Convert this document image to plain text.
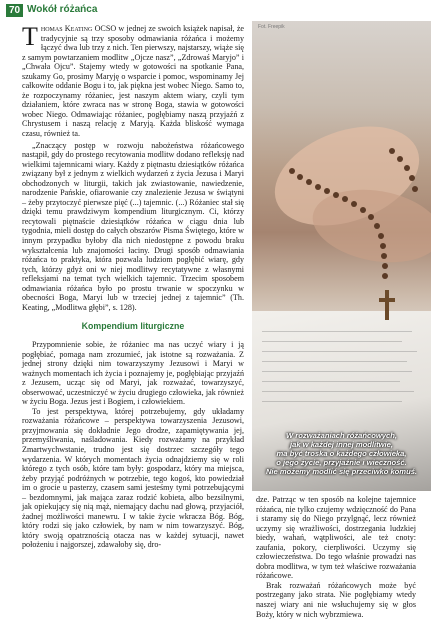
70 Wokół różańca

Thomas Keating OCSO w jednej ze swoich książek napisał, że tradycyjnie są trzy sposoby odmawiania różańca i możemy łączyć dwa lub trzy z nich. Ten pierwszy, najstarszy, wiąże się z samym powtarzaniem modlitw „Ojcze nasz”, „Zdrowaś Maryjo” i „Chwała Ojcu”. Stajemy wtedy w gotowości na spotkanie Pana, szukamy Go, prosimy Maryję o wsparcie i pomoc, wspominamy Jej całkowite oddanie Bogu i to, jak piękna jest wobec Niego. Samo to, że rozpoczynamy różaniec, jest naszym aktem wiary, czyli tym działaniem, które zwraca nas w stronę Boga, stawia w gotowości wobec Niego. Odmawiając różaniec, pogłębiamy naszą przyjaźń z Chrystusem i naszą relację z Maryją. Każda bliskość wymaga czasu, również ta.

„Znaczący postęp w rozwoju nabożeństwa różańcowego nastąpił, gdy do prostego recytowania modlitw dodano refleksję nad wielkimi tajemnicami wiary. Każdy z piętnastu dziesiątków różańca związany był z jednym z wielkich wydarzeń z życia Jezusa i Maryi obchodzonych w liturgii, takich jak zwiastowanie, nawiedzenie, narodzenie Pańskie, ofiarowanie czy znalezienie Jezusa w świątyni – żeby przytoczyć pierwsze pięć (...) tajemnic. (...) Różaniec stał się dzięki temu prawdziwym kompendium liturgicznym. Ci, którzy recytowali piętnaście dziesiątków różańca w ciągu dnia lub tygodnia, mieli dostęp do całych obszarów Pisma Świętego, które w innym przypadku byłoby dla nich niedostępne z powodu braku wykształcenia lub znajomości łaciny. Drugi sposób odmawiania różańca to praktyka, która pozwala ludziom pogłębić wiarę, gdy tych, którzy gdyż oni w niej modlitwy recytatywne z własnymi refleksjami na temat tych wielkich tajemnic. Trzecim sposobem odmawiania różańca było po prostu trwanie w spoczynku w obecności Boga, Maryi lub w trzeciej jednej z tajemnic” (Th. Keating, „Modlitwa głębi”, s. 128).

Kompendium liturgiczne

Przypomnienie sobie, że różaniec ma nas uczyć wiary i ją pogłębiać, pomaga nam zrozumieć, jak istotne są rozważania. Z jednej strony dzięki nim towarzyszymy Jezusowi i Maryi w ważnych momentach ich życia i poznajemy je, pogłębiając przyjaźń z Jezusem, ucząc się od Maryi, jak rozważać, towarzyszyć, obserwować, uczestniczyć w życiu drugiego człowieka, jak również w życiu Boga. Jezus jest i Bogiem, i człowiekiem.

To jest perspektywa, której potrzebujemy, gdy układamy rozważania różańcowe – perspektywa towarzyszenia Jezusowi, przyjmowania się dokładnie Jego drodze, zapamiętywania jej, przemyśliwania, naśladowania. Kiedy rozważamy na przykład Zmartwychwstanie, trudno jest się dostrzec szczegóły tego wydarzenia. W których momentach życia odnajdziemy się w roli którego z tych osób, które tam były: gospodarz, który ma miejsca, żeby przyjąć podróżnych w potrzebie, tego kogoś, kto powiedział im o grocie u pasterzy, czasem sami jesteśmy tymi potrzebującymi – bezdomnymi, jak mająca zaraz rodzić kobieta, albo bezsilnymi, jak opiekujący się nią mąż, niemający dachu nad głową, przyjaciół, żadnej możliwości manewru. I w takie życie wkracza Bóg. Bóg, który rodzi się jako człowiek, by nam w nim towarzyszyć. Bóg, który swoją opatrznością otacza nas w każdej sytuacji, nawet położeniu i najgorszej, zdawałoby się, dro-

W rozważaniach różańcowych,
jak w każdej innej modlitwie,
ma być troska o każdego człowieka,
o jego życie, przyjaźnie i wieczność.
Nie możemy modlić się przeciwko komuś.
Fot. Freepik

dze. Patrząc w ten sposób na kolejne tajemnice różańca, nie tylko czujemy wdzięczność do Pana i staramy się do Niego przylgnąć, lecz również uczymy się wrażliwości, dostrzegania ludzkiej biedy, wahań, wątpliwości, ale też cnoty: zaufania, pokory, cierpliwości. Uczymy się człowieczeństwa. Do tego właśnie prowadzi nas dobra modlitwa, w tym też właściwe rozważania różańcowe.

Brak rozważań różańcowych może być postrzegany jako strata. Nie pogłębiamy wtedy naszej wiary ani nie wsłuchujemy się w głos Boży, który w nich wybrzmiewa.
